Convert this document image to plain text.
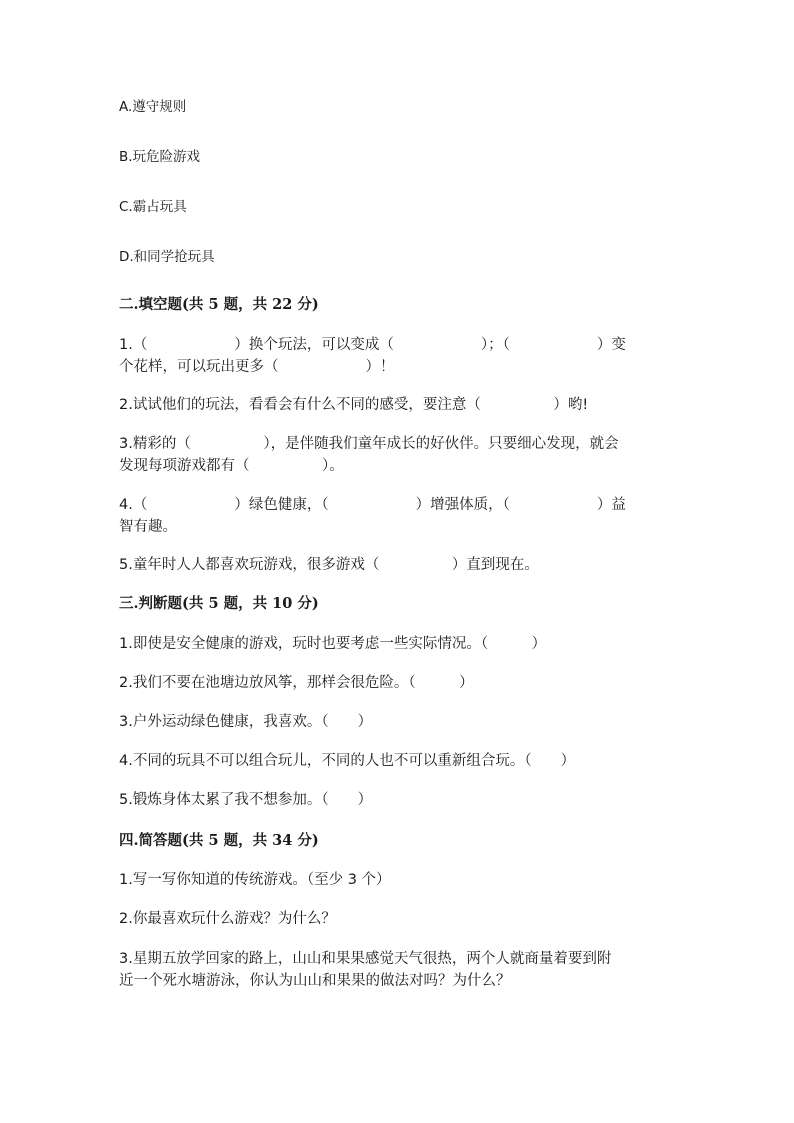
A.遵守规则
B.玩危险游戏
C.霸占玩具
D.和同学抢玩具
二.填空题(共 5 题，共 22 分)
1.（　　　　　　）换个玩法，可以变成（　　　　　　）；（　　　　　　）变
个花样，可以玩出更多（　　　　　　）！
2.试试他们的玩法，看看会有什么不同的感受，要注意（　　　　　）哟!
3.精彩的（　　　　　），是伴随我们童年成长的好伙伴。只要细心发现，就会
发现每项游戏都有（　　　　　）。
4.（　　　　　　）绿色健康，（　　　　　　）增强体质，（　　　　　　）益
智有趣。
5.童年时人人都喜欢玩游戏，很多游戏（　　　　　）直到现在。
三.判断题(共 5 题，共 10 分)
1.即使是安全健康的游戏，玩时也要考虑一些实际情况。（　　　）
2.我们不要在池塘边放风筝，那样会很危险。（　　　）
3.户外运动绿色健康，我喜欢。（　　）
4.不同的玩具不可以组合玩儿，不同的人也不可以重新组合玩。（　　）
5.锻炼身体太累了我不想参加。（　　）
四.简答题(共 5 题，共 34 分)
1.写一写你知道的传统游戏。（至少 3 个）
2.你最喜欢玩什么游戏？为什么？
3.星期五放学回家的路上，山山和果果感觉天气很热，两个人就商量着要到附
近一个死水塘游泳，你认为山山和果果的做法对吗？为什么？
